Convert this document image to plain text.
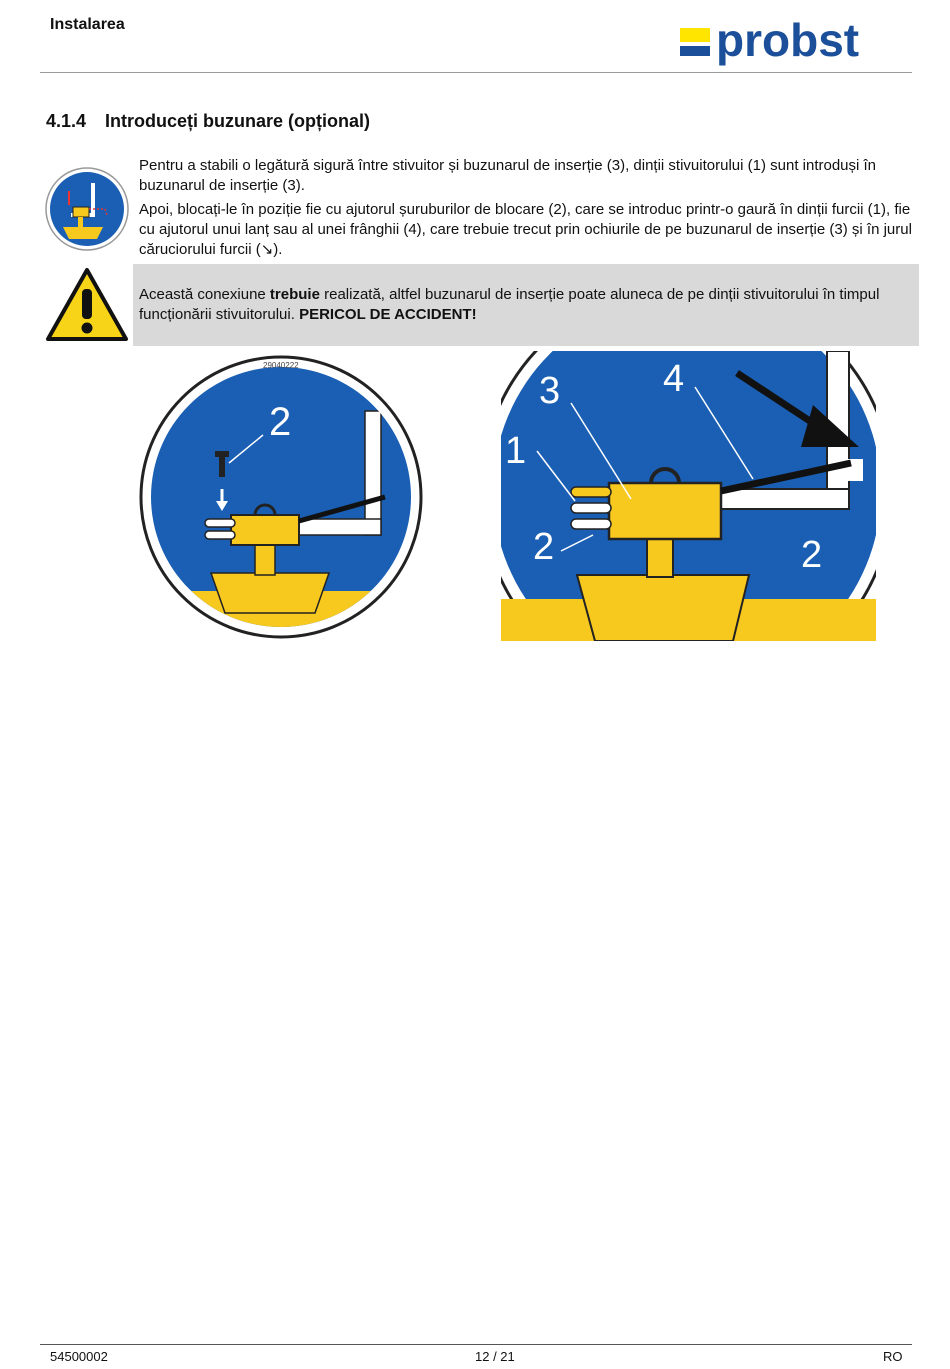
Instalarea	probst
4.1.4 Introduceți buzunare (opțional)
Pentru a stabili o legătură sigură între stivuitor și buzunarul de inserție (3), dinții stivuitorului (1) sunt introduși în buzunarul de inserție (3).
Apoi, blocați-le în poziție fie cu ajutorul șuruburilor de blocare (2), care se introduc printr-o gaură în dinții furcii (1), fie cu ajutorul unui lanț sau al unei frânghii (4), care trebuie trecut prin ochiurile de pe buzunarul de inserție (3) și în jurul căruciorului furcii (↘).
Această conexiune trebuie realizată, altfel buzunarul de inserție poate aluneca de pe dinții stivuitorului în timpul funcționării stivuitorului. PERICOL DE ACCIDENT!
2
29040222
3	4
1
2	2
54500002	12 / 21	RO
